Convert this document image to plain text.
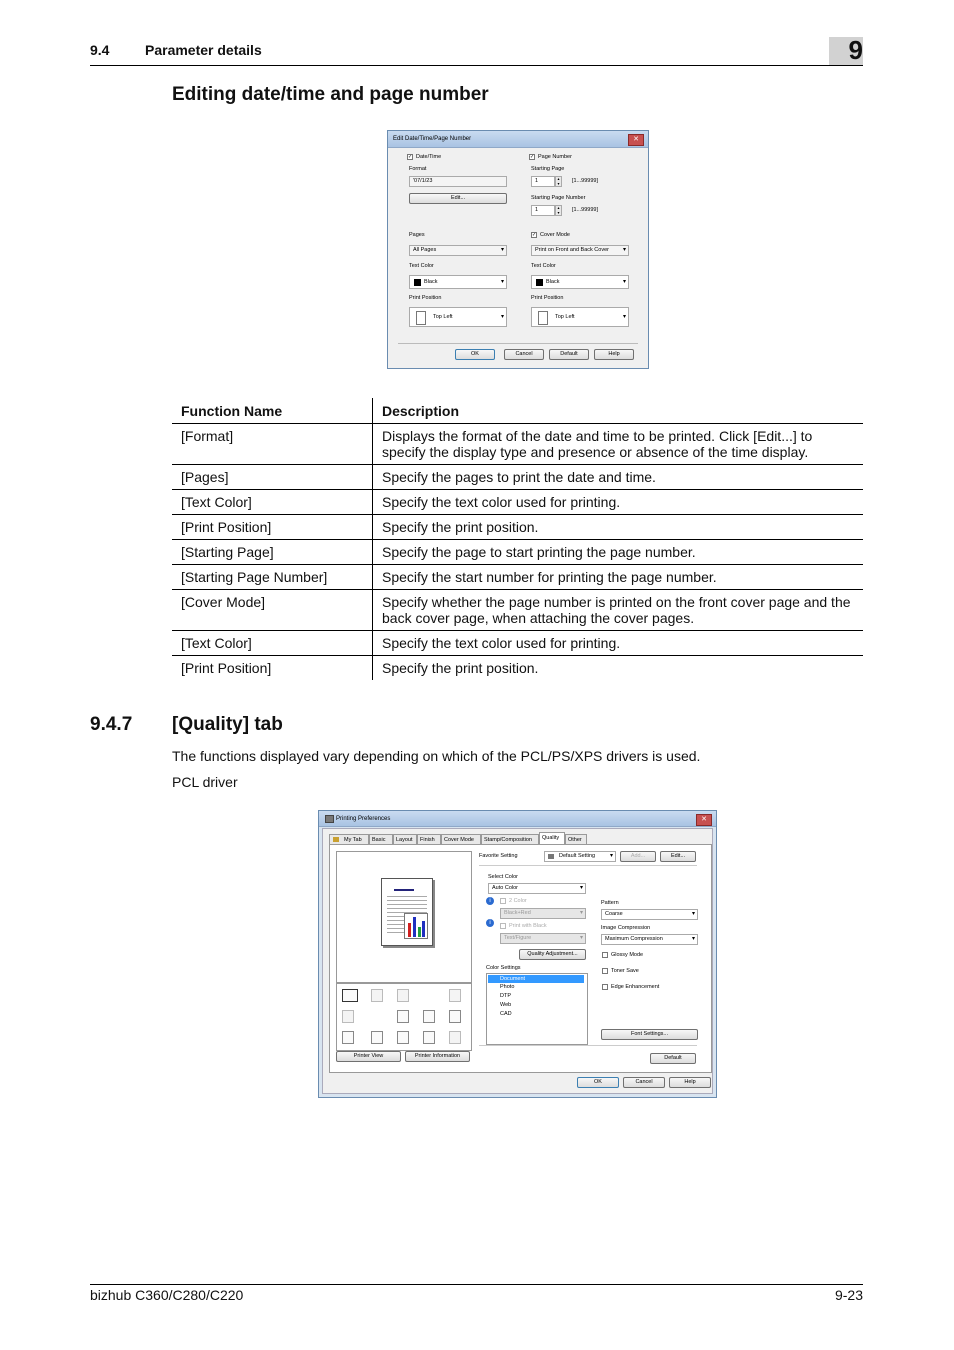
9.4	Parameter details	9
Editing date/time and page number
Edit Date/Time/Page Number	✕
✓ Date/Time
Format
'07/1/23
Edit...
Pages
All Pages ▾
Text Color
Black ▾
Print Position
Top Left ▾
✓ Page Number
Starting Page
1	▴
▾	[1...99999]
Starting Page Number
1	▴
▾	[1...99999]
✓ Cover Mode
Print on Front and Back Cover ▾
Text Color
Black ▾
Print Position
Top Left ▾
OK	Cancel	Default	Help
Function Name	Description
[Format]	Displays the format of the date and time to be printed. Click [Edit...] to specify the display type and presence or absence of the time display.
[Pages]	Specify the pages to print the date and time.
[Text Color]	Specify the text color used for printing.
[Print Position]	Specify the print position.
[Starting Page]	Specify the page to start printing the page number.
[Starting Page Number]	Specify the start number for printing the page number.
[Cover Mode]	Specify whether the page number is printed on the front cover page and the back cover page, when attaching the cover pages.
[Text Color]	Specify the text color used for printing.
[Print Position]	Specify the print position.
9.4.7 [Quality] tab
The functions displayed vary depending on which of the PCL/PS/XPS drivers is used.
PCL driver
Printing Preferences	✕
My Tab	Basic	Layout	Finish	Cover Mode	Stamp/Composition	Quality	Other
Printer View	Printer Information
Favorite Setting	Default Setting ▾	Add...	Edit...
Select Color
Auto Color ▾
i	2 Color
Black+Red ▾
i	Print with Black
Text/Figure ▾
Quality Adjustment...
Color Settings
Document
Photo
DTP
Web
CAD
Pattern
Coarse ▾
Image Compression
Maximum Compression ▾
Glossy Mode
Toner Save
Edge Enhancement
Font Settings...
Default
OK	Cancel	Help
bizhub C360/C280/C220	9-23
